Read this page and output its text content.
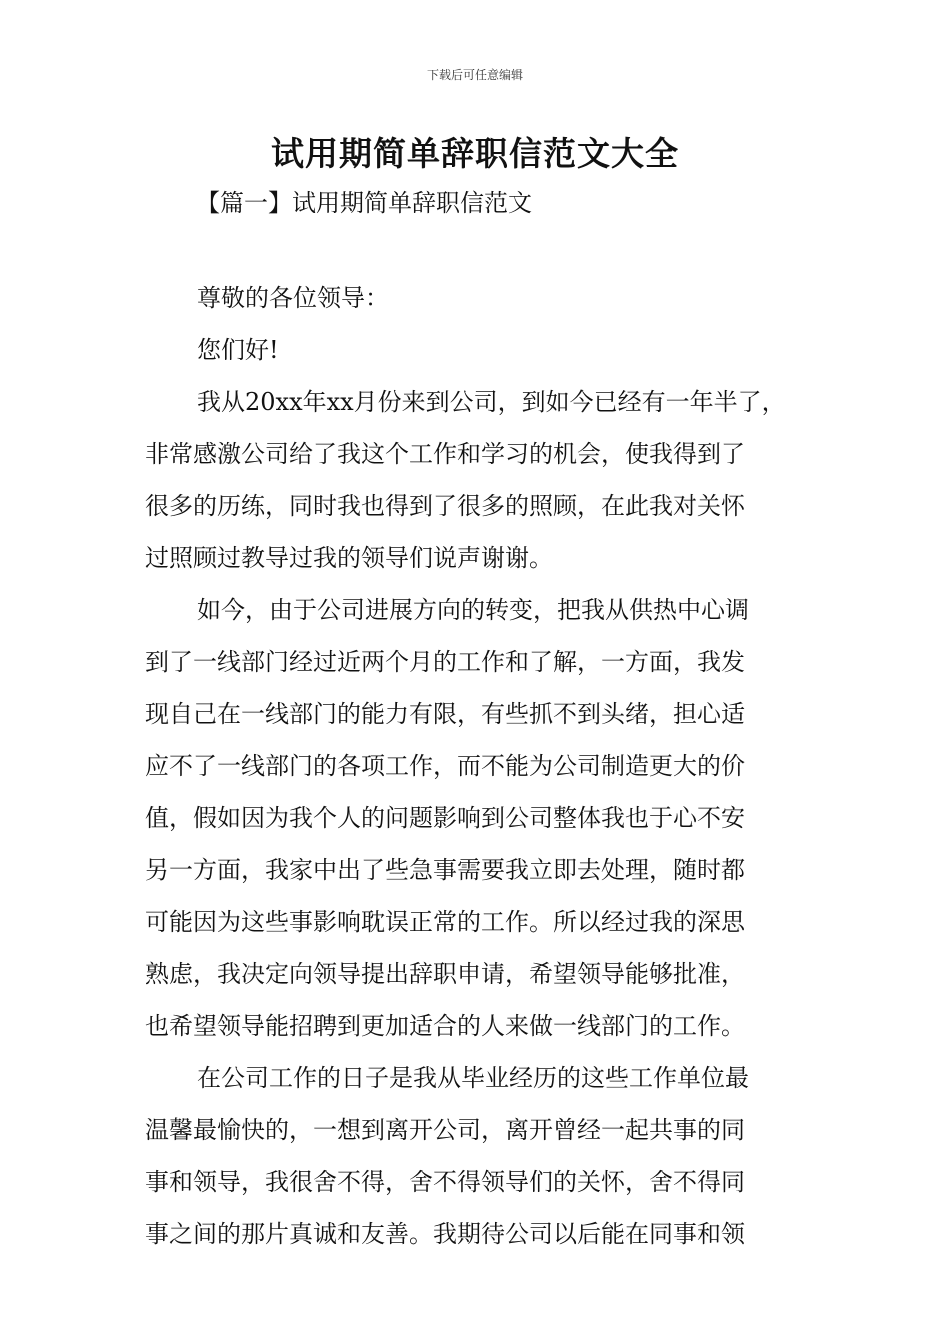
下载后可任意编辑
试用期简单辞职信范文大全
【篇一】试用期简单辞职信范文
尊敬的各位领导：
您们好!
我从20xx年xx月份来到公司，到如今已经有一年半了，
非常感激公司给了我这个工作和学习的机会，使我得到了
很多的历练，同时我也得到了很多的照顾，在此我对关怀
过照顾过教导过我的领导们说声谢谢。
如今，由于公司进展方向的转变，把我从供热中心调
到了一线部门经过近两个月的工作和了解，一方面，我发
现自己在一线部门的能力有限，有些抓不到头绪，担心适
应不了一线部门的各项工作，而不能为公司制造更大的价
值，假如因为我个人的问题影响到公司整体我也于心不安
另一方面，我家中出了些急事需要我立即去处理，随时都
可能因为这些事影响耽误正常的工作。所以经过我的深思
熟虑，我决定向领导提出辞职申请，希望领导能够批准，
也希望领导能招聘到更加适合的人来做一线部门的工作。
在公司工作的日子是我从毕业经历的这些工作单位最
温馨最愉快的，一想到离开公司，离开曾经一起共事的同
事和领导，我很舍不得，舍不得领导们的关怀，舍不得同
事之间的那片真诚和友善。我期待公司以后能在同事和领
